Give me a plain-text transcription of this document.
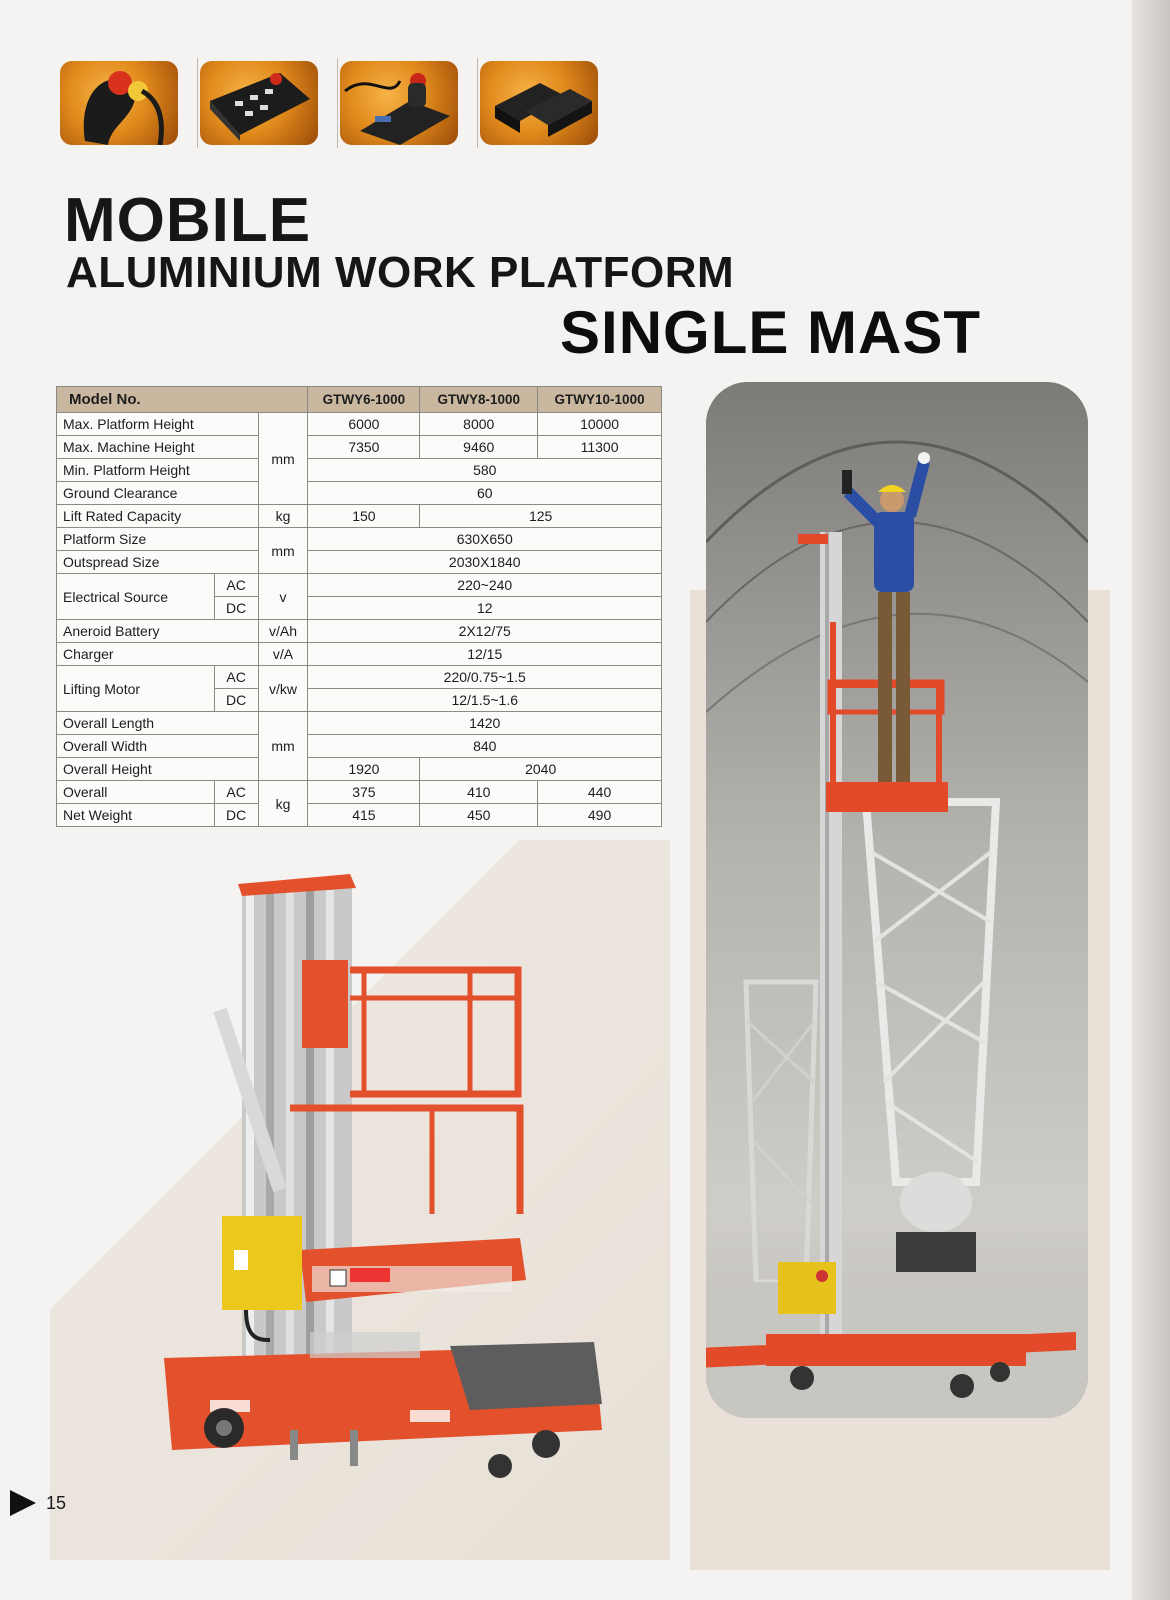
MOBILE
ALUMINIUM WORK PLATFORM
SINGLE MAST
Model No.			GTWY6-1000	GTWY8-1000	GTWY10-1000
Max. Platform Height		mm	6000	8000	10000
Max. Machine Height			7350	9460	11300
Min. Platform Height			580		
Ground Clearance			60		
Lift Rated Capacity		kg	150	125	
Platform Size		mm	630X650		
Outspread Size			2030X1840		
Electrical Source	AC	v	220~240		
	DC		12		
Aneroid Battery		v/Ah	2X12/75		
Charger		v/A	12/15		
Lifting Motor	AC	v/kw	220/0.75~1.5		
	DC		12/1.5~1.6		
Overall Length		mm	1420		
Overall Width			840		
Overall Height			1920	2040	
Overall	AC	kg	375	410	440
Net Weight	DC		415	450	490
15
